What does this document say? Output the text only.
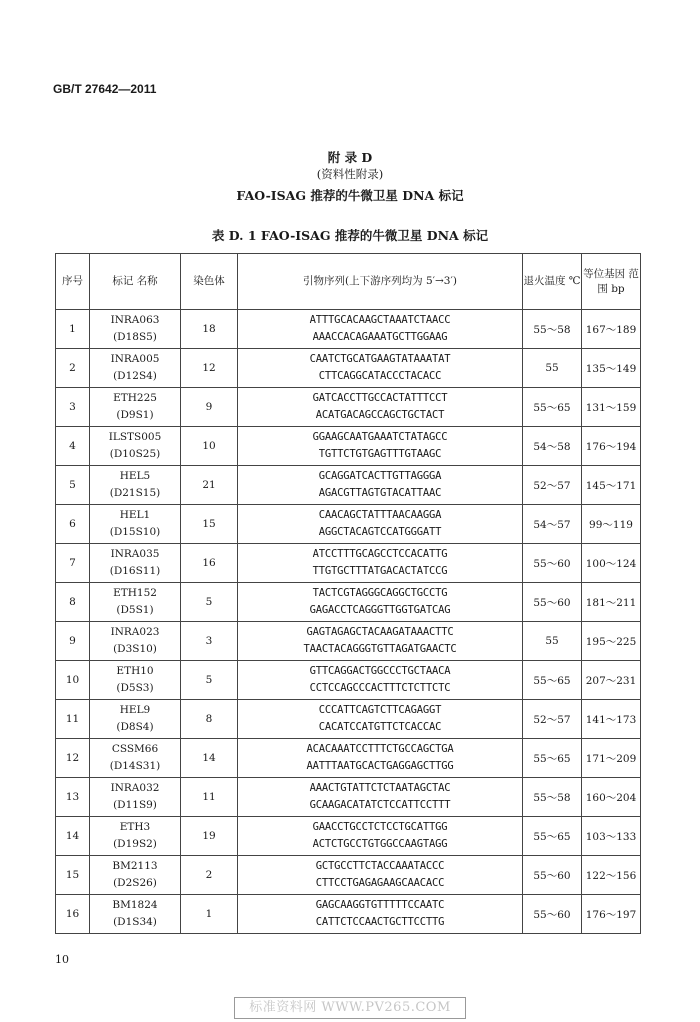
GB/T 27642—2011
附 录 D
(资料性附录)
FAO-ISAG 推荐的牛微卫星 DNA 标记
表 D. 1 FAO-ISAG 推荐的牛微卫星 DNA 标记
序号	标记 名称	染色体	引物序列(上下游序列均为 5′→3′)	退火温度 ℃	等位基因 范围 bp
1	INRA063
(D18S5)	18	ATTTGCACAAGCTAAATCTAACC
AAACCACAGAAATGCTTGGAAG	55～58	167～189
2	INRA005
(D12S4)	12	CAATCTGCATGAAGTATAAATAT
CTTCAGGCATACCCTACACC	55	135～149
3	ETH225
(D9S1)	9	GATCACCTTGCCACTATTTCCT
ACATGACAGCCAGCTGCTACT	55～65	131～159
4	ILSTS005
(D10S25)	10	GGAAGCAATGAAATCTATAGCC
TGTTCTGTGAGTTTGTAAGC	54～58	176～194
5	HEL5
(D21S15)	21	GCAGGATCACTTGTTAGGGA
AGACGTTAGTGTACATTAAC	52～57	145～171
6	HEL1
(D15S10)	15	CAACAGCTATTTAACAAGGA
AGGCTACAGTCCATGGGATT	54～57	99～119
7	INRA035
(D16S11)	16	ATCCTTTGCAGCCTCCACATTG
TTGTGCTTTATGACACTATCCG	55～60	100～124
8	ETH152
(D5S1)	5	TACTCGTAGGGCAGGCTGCCTG
GAGACCTCAGGGTTGGTGATCAG	55～60	181～211
9	INRA023
(D3S10)	3	GAGTAGAGCTACAAGATAAACTTC
TAACTACAGGGTGTTAGATGAACTC	55	195～225
10	ETH10
(D5S3)	5	GTTCAGGACTGGCCCTGCTAACA
CCTCCAGCCCACTTTCTCTTCTC	55～65	207～231
11	HEL9
(D8S4)	8	CCCATTCAGTCTTCAGAGGT
CACATCCATGTTCTCACCAC	52～57	141～173
12	CSSM66
(D14S31)	14	ACACAAATCCTTTCTGCCAGCTGA
AATTTAATGCACTGAGGAGCTTGG	55～65	171～209
13	INRA032
(D11S9)	11	AAACTGTATTCTCTAATAGCTAC
GCAAGACATATCTCCATTCCTTT	55～58	160～204
14	ETH3
(D19S2)	19	GAACCTGCCTCTCCTGCATTGG
ACTCTGCCTGTGGCCAAGTAGG	55～65	103～133
15	BM2113
(D2S26)	2	GCTGCCTTCTACCAAATACCC
CTTCCTGAGAGAAGCAACACC	55～60	122～156
16	BM1824
(D1S34)	1	GAGCAAGGTGTTTTTCCAATC
CATTCTCCAACTGCTTCCTTG	55～60	176～197
10
标准资料网 WWW.PV265.COM
